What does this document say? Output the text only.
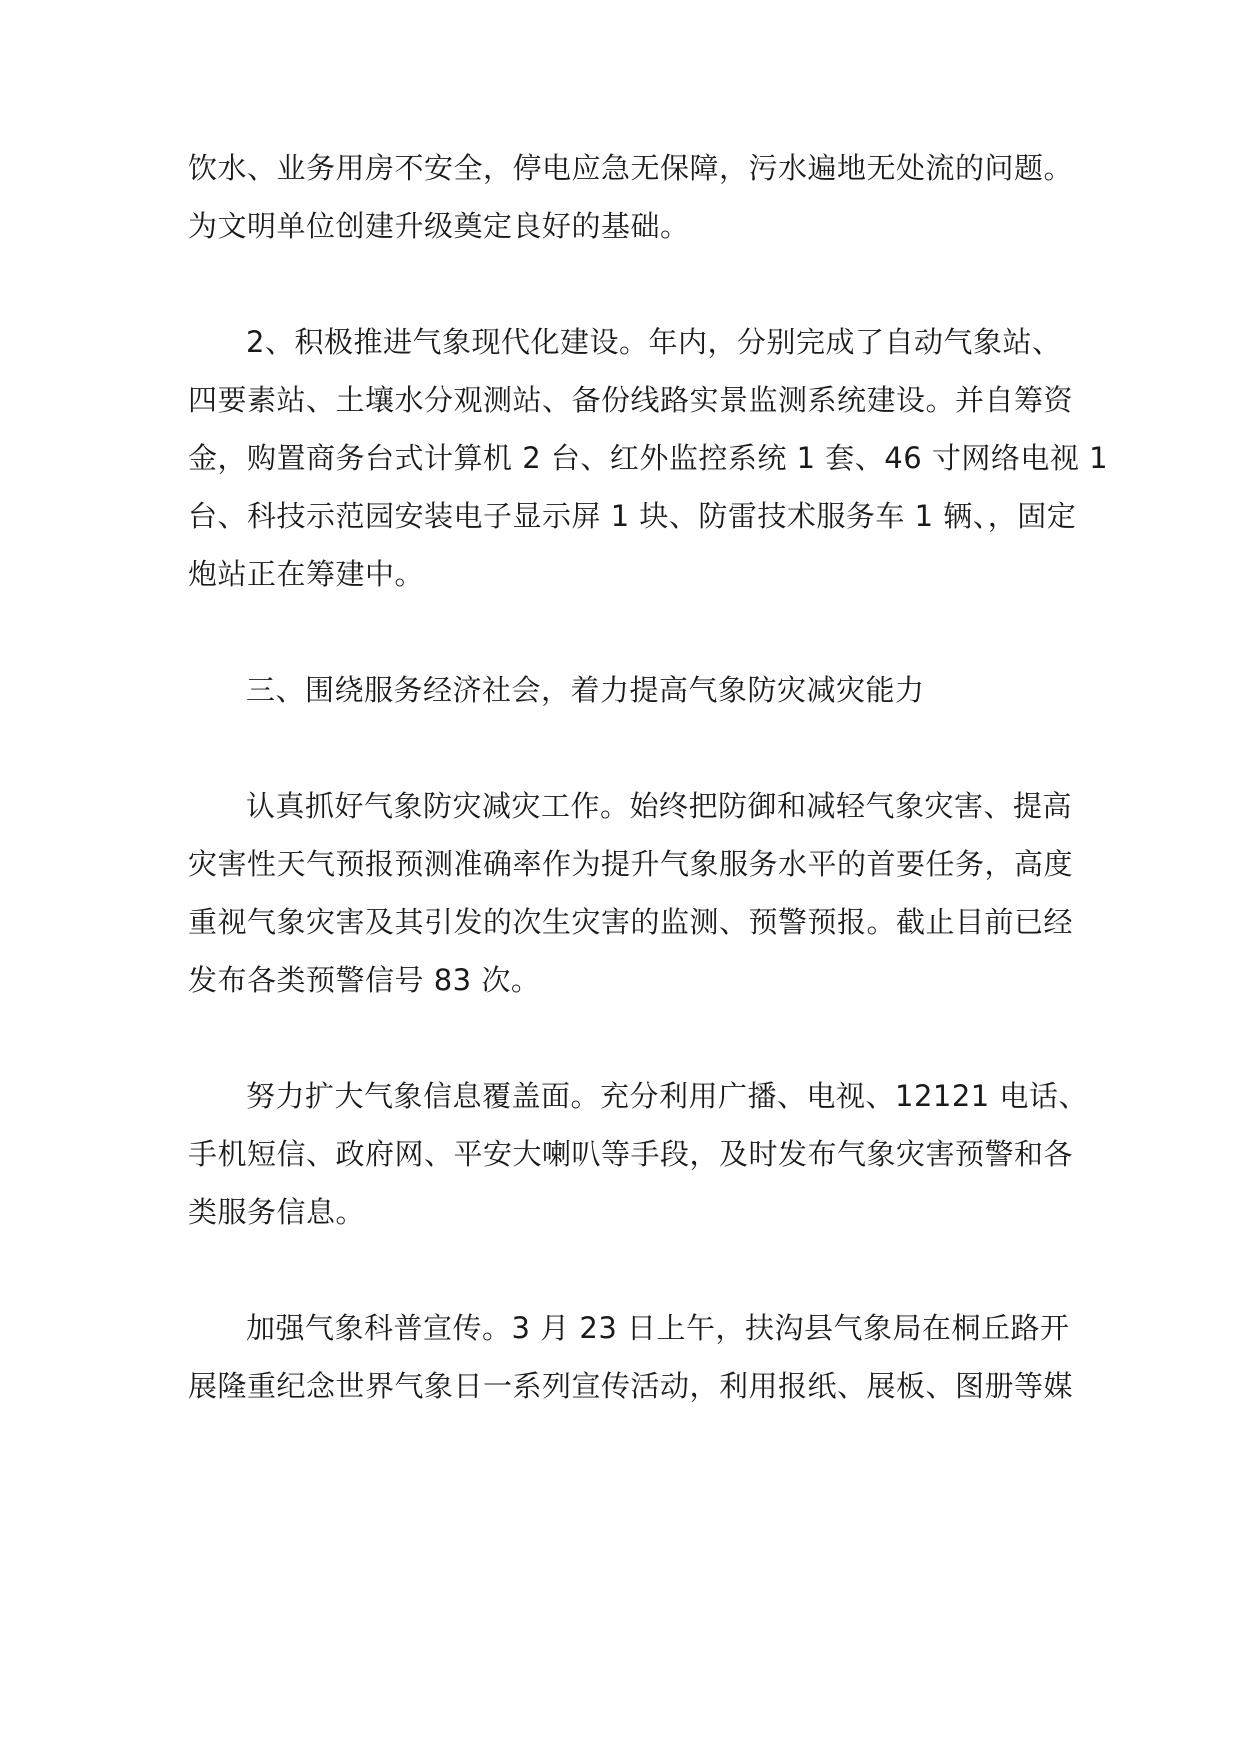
饮水、业务用房不安全，停电应急无保障，污水遍地无处流的问题。
为文明单位创建升级奠定良好的基础。
2、积极推进气象现代化建设。年内，分别完成了自动气象站、
四要素站、土壤水分观测站、备份线路实景监测系统建设。并自筹资
金，购置商务台式计算机 2 台、红外监控系统 1 套、46 寸网络电视 1
台、科技示范园安装电子显示屏 1 块、防雷技术服务车 1 辆、，固定
炮站正在筹建中。
三、围绕服务经济社会，着力提高气象防灾减灾能力
认真抓好气象防灾减灾工作。始终把防御和减轻气象灾害、提高
灾害性天气预报预测准确率作为提升气象服务水平的首要任务，高度
重视气象灾害及其引发的次生灾害的监测、预警预报。截止目前已经
发布各类预警信号 83 次。
努力扩大气象信息覆盖面。充分利用广播、电视、12121 电话、
手机短信、政府网、平安大喇叭等手段，及时发布气象灾害预警和各
类服务信息。
加强气象科普宣传。3 月 23 日上午，扶沟县气象局在桐丘路开
展隆重纪念世界气象日一系列宣传活动，利用报纸、展板、图册等媒
